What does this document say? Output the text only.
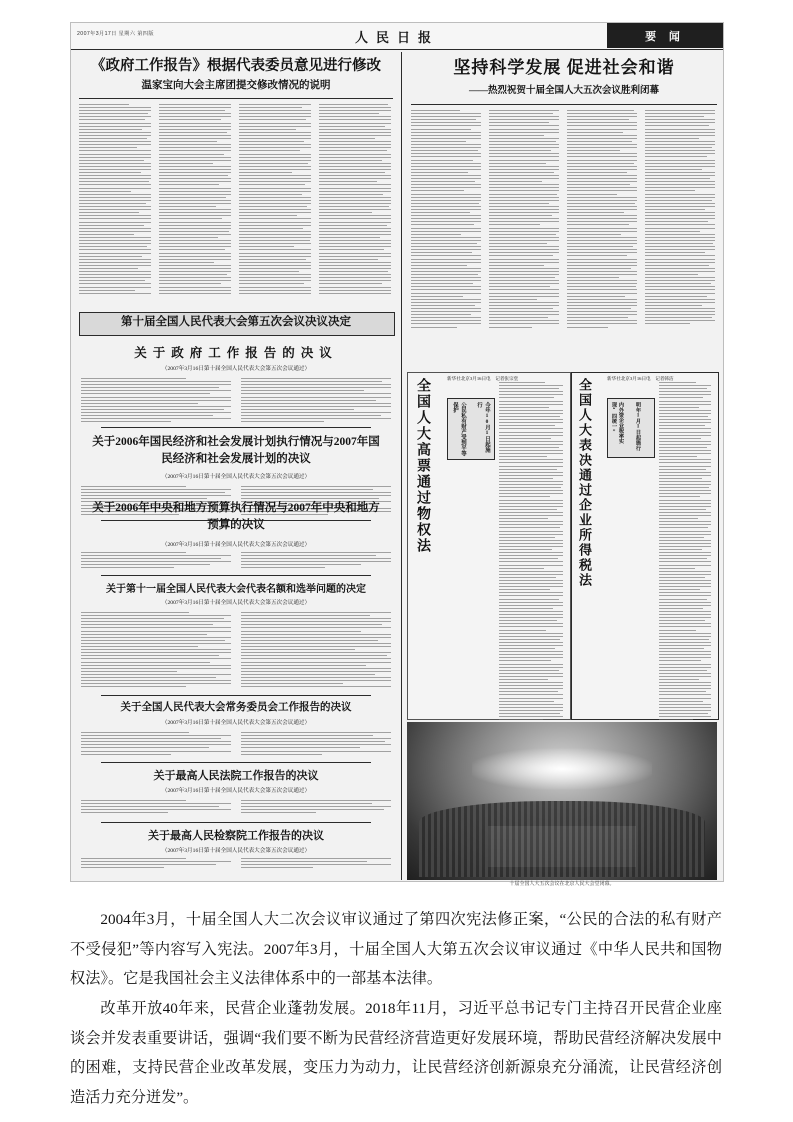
2007年3月17日 星期六 第四版	人民日报	要 闻
《政府工作报告》根据代表委员意见进行修改
温家宝向大会主席团提交修改情况的说明
第十届全国人民代表大会第五次会议决议决定
关于政府工作报告的决议
（2007年3月16日第十届全国人民代表大会第五次会议通过）
关于2006年国民经济和社会发展计划执行情况与2007年国民经济和社会发展计划的决议
（2007年3月16日第十届全国人民代表大会第五次会议通过）
关于2006年中央和地方预算执行情况与2007年中央和地方预算的决议
（2007年3月16日第十届全国人民代表大会第五次会议通过）
关于第十一届全国人民代表大会代表名额和选举问题的决定
（2007年3月16日第十届全国人民代表大会第五次会议通过）
关于全国人民代表大会常务委员会工作报告的决议
（2007年3月16日第十届全国人民代表大会第五次会议通过）
关于最高人民法院工作报告的决议
（2007年3月16日第十届全国人民代表大会第五次会议通过）
关于最高人民检察院工作报告的决议
（2007年3月16日第十届全国人民代表大会第五次会议通过）
坚持科学发展 促进社会和谐
——热烈祝贺十届全国人大五次会议胜利闭幕
全国人大高票通过物权法	新华社北京3月16日电　记者张宗堂
公民私有财产受到平等保护	今年10月1日起施行	全国人大表决通过企业所得税法	新华社北京3月16日电　记者韩洁
内外资企业税率实现“四统一”	明年1月1日起施行
十届全国人大五次会议在北京人民大会堂闭幕。

2004年3月，十届全国人大二次会议审议通过了第四次宪法修正案，“公民的合法的私有财产不受侵犯”等内容写入宪法。2007年3月，十届全国人大第五次会议审议通过《中华人民共和国物权法》。它是我国社会主义法律体系中的一部基本法律。

改革开放40年来，民营企业蓬勃发展。2018年11月，习近平总书记专门主持召开民营企业座谈会并发表重要讲话，强调“我们要不断为民营经济营造更好发展环境，帮助民营经济解决发展中的困难，支持民营企业改革发展，变压力为动力，让民营经济创新源泉充分涌流，让民营经济创造活力充分迸发”。
